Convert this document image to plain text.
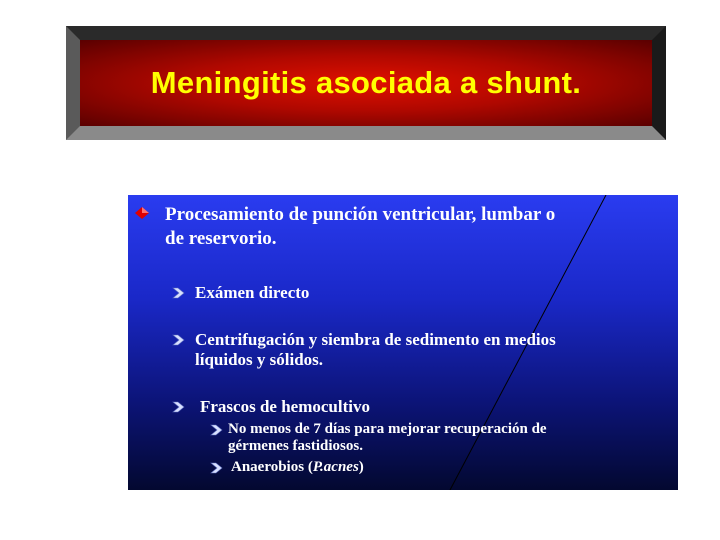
Meningitis asociada a shunt.
Procesamiento de punción ventricular, lumbar o
de reservorio.
Exámen directo
Centrifugación y siembra de sedimento en medios
líquidos y sólidos.
Frascos de hemocultivo
No menos de 7 días para mejorar recuperación de
gérmenes fastidiosos.
Anaerobios (P.acnes)
